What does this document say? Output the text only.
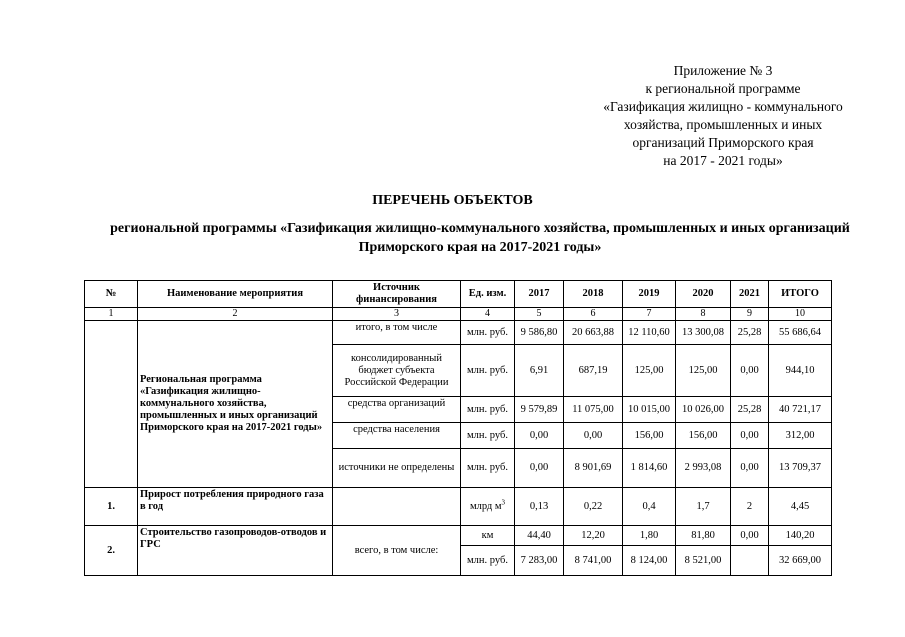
Приложение № 3
к региональной программе
«Газификация жилищно - коммунального
хозяйства, промышленных и иных
организаций Приморского края
на 2017 - 2021 годы»
ПЕРЕЧЕНЬ ОБЪЕКТОВ
региональной программы «Газификация жилищно-коммунального хозяйства, промышленных и иных организаций Приморского края на 2017-2021 годы»
№	Наименование мероприятия	Источник финансирования	Ед. изм.	2017	2018	2019	2020	2021	ИТОГО
1	2	3	4	5	6	7	8	9	10
	Региональная программа «Газификация жилищно-коммунального хозяйства, промышленных и иных организаций Приморского края на 2017-2021 годы»	итого, в том числе	млн. руб.	9 586,80	20 663,88	12 110,60	13 300,08	25,28	55 686,64
		консолидированный бюджет субъекта Российской Федерации	млн. руб.	6,91	687,19	125,00	125,00	0,00	944,10
		средства организаций	млн. руб.	9 579,89	11 075,00	10 015,00	10 026,00	25,28	40 721,17
		средства населения	млн. руб.	0,00	0,00	156,00	156,00	0,00	312,00
		источники не определены	млн. руб.	0,00	8 901,69	1 814,60	2 993,08	0,00	13 709,37
1.	Прирост потребления природного газа в год		млрд $м^3$	0,13	0,22	0,4	1,7	2	4,45
2.	Строительство газопроводов-отводов и ГРС	всего, в том числе:	км	44,40	12,20	1,80	81,80	0,00	140,20
			млн. руб.	7 283,00	8 741,00	8 124,00	8 521,00		32 669,00
